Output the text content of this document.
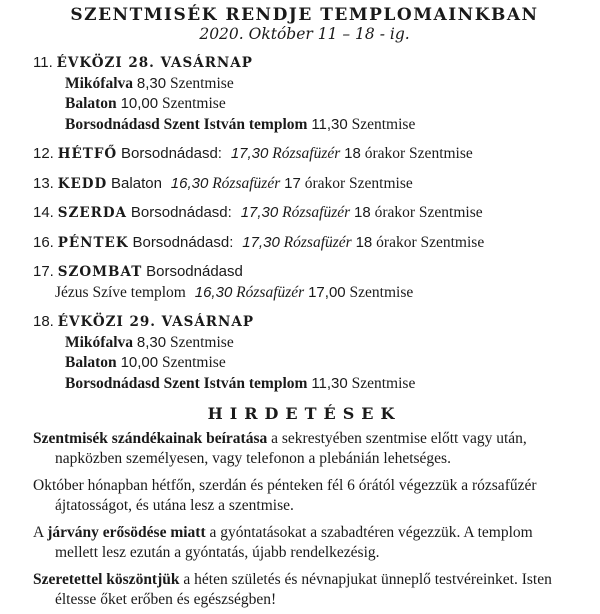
SZENTMISÉK RENDJE TEMPLOMAINKBAN
2020. Október 11 – 18 - ig.
11. ÉVKÖZI 28. VASÁRNAP
Mikófalva 8,30 Szentmise
Balaton 10,00 Szentmise
Borsodnádasd Szent István templom 11,30 Szentmise
12. HÉTFŐ Borsodnádasd: 17,30 Rózsafüzér 18 órakor Szentmise
13. KEDD Balaton 16,30 Rózsafüzér 17 órakor Szentmise
14. SZERDA Borsodnádasd: 17,30 Rózsafüzér 18 órakor Szentmise
16. PÉNTEK Borsodnádasd: 17,30 Rózsafüzér 18 órakor Szentmise
17. SZOMBAT Borsodnádasd
Jézus Szíve templom 16,30 Rózsafüzér 17,00 Szentmise
18. ÉVKÖZI 29. VASÁRNAP
Mikófalva 8,30 Szentmise
Balaton 10,00 Szentmise
Borsodnádasd Szent István templom 11,30 Szentmise
HIRDETÉSEK

Szentmisék szándékainak beíratása a sekrestyében szentmise előtt vagy után, napközben személyesen, vagy telefonon a plebánián lehetséges.

Október hónapban hétfőn, szerdán és pénteken fél 6 órától végezzük a rózsafűzér ájtatosságot, és utána lesz a szentmise.

A járvány erősödése miatt a gyóntatásokat a szabadtéren végezzük. A templom mellett lesz ezután a gyóntatás, újabb rendelkezésig.

Szeretettel köszöntjük a héten születés és névnapjukat ünneplő testvéreinket. Isten éltesse őket erőben és egészségben!
